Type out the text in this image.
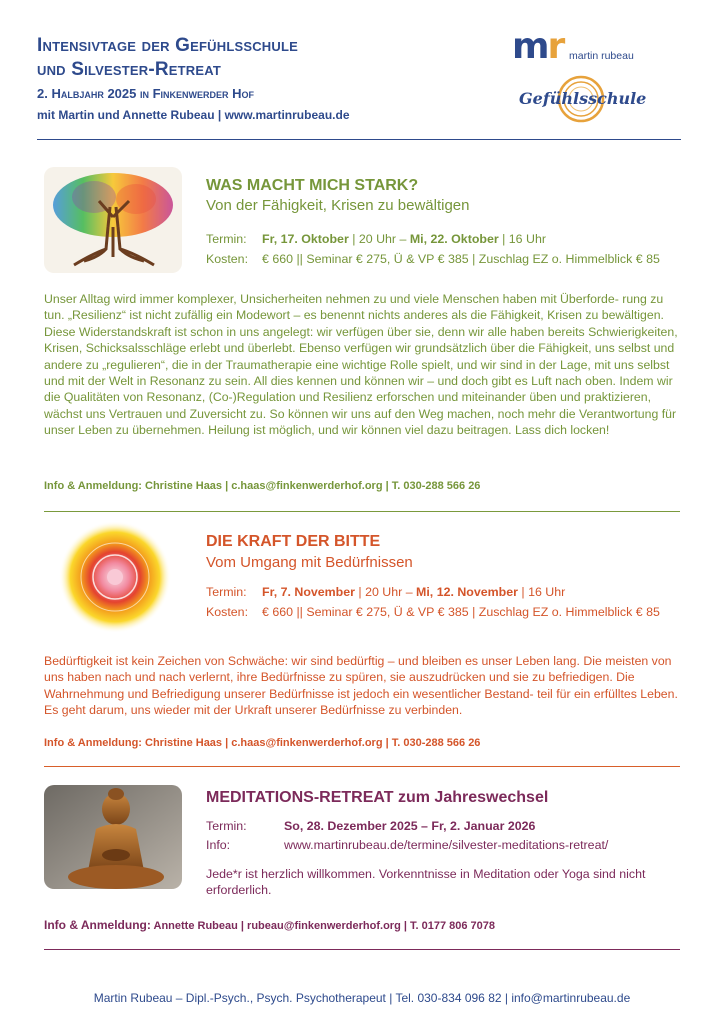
Intensivtage der Gefühlsschule
und Silvester-Retreat
2. Halbjahr 2025 in Finkenwerder Hof
mit Martin und Annette Rubeau | www.martinrubeau.de
mr martin rubeau
Gefühlsschule
WAS MACHT MICH STARK?
Von der Fähigkeit, Krisen zu bewältigen
Termin: Fr, 17. Oktober | 20 Uhr – Mi, 22. Oktober | 16 Uhr
Kosten: € 660 || Seminar € 275, Ü & VP € 385 | Zuschlag EZ o. Himmelblick € 85
Unser Alltag wird immer komplexer, Unsicherheiten nehmen zu und viele Menschen haben mit Überforde- rung zu tun. „Resilienz“ ist nicht zufällig ein Modewort – es benennt nichts anderes als die Fähigkeit, Krisen zu bewältigen. Diese Widerstandskraft ist schon in uns angelegt: wir verfügen über sie, denn wir alle haben bereits Schwierigkeiten, Krisen, Schicksalsschläge erlebt und überlebt. Ebenso verfügen wir grundsätzlich über die Fähigkeit, uns selbst und andere zu „regulieren“, die in der Traumatherapie eine wichtige Rolle spielt, und wir sind in der Lage, mit uns selbst und mit der Welt in Resonanz zu sein. All dies kennen und können wir – und doch gibt es Luft nach oben. Indem wir die Qualitäten von Resonanz, (Co-)Regulation und Resilienz erforschen und miteinander üben und praktizieren, wächst uns Vertrauen und Zuversicht zu. So können wir uns auf den Weg machen, noch mehr die Verantwortung für unser Leben zu übernehmen. Heilung ist möglich, und wir können viel dazu beitragen. Lass dich locken!
Info & Anmeldung: Christine Haas | c.haas@finkenwerderhof.org | T. 030-288 566 26
DIE KRAFT DER BITTE
Vom Umgang mit Bedürfnissen
Termin: Fr, 7. November | 20 Uhr – Mi, 12. November | 16 Uhr
Kosten: € 660 || Seminar € 275, Ü & VP € 385 | Zuschlag EZ o. Himmelblick € 85
Bedürftigkeit ist kein Zeichen von Schwäche: wir sind bedürftig – und bleiben es unser Leben lang. Die meisten von uns haben nach und nach verlernt, ihre Bedürfnisse zu spüren, sie auszudrücken und sie zu befriedigen. Die Wahrnehmung und Befriedigung unserer Bedürfnisse ist jedoch ein wesentlicher Bestand- teil für ein erfülltes Leben. Es geht darum, uns wieder mit der Urkraft unserer Bedürfnisse zu verbinden.
Info & Anmeldung: Christine Haas | c.haas@finkenwerderhof.org | T. 030-288 566 26
MEDITATIONS-RETREAT zum Jahreswechsel
Termin:	So, 28. Dezember 2025 – Fr, 2. Januar 2026
Info:	www.martinrubeau.de/termine/silvester-meditations-retreat/
Jede*r ist herzlich willkommen. Vorkenntnisse in Meditation oder Yoga sind nicht erforderlich.
Info & Anmeldung: Annette Rubeau | rubeau@finkenwerderhof.org | T. 0177 806 7078
Martin Rubeau – Dipl.-Psych., Psych. Psychotherapeut | Tel. 030-834 096 82 | info@martinrubeau.de
